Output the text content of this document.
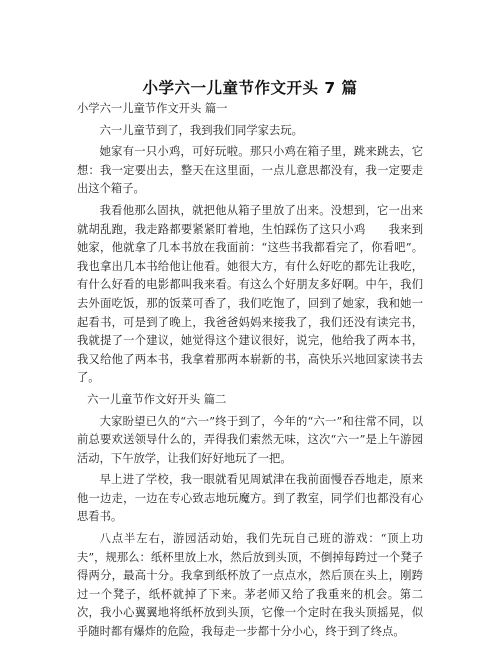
小学六一儿童节作文开头 7 篇

小学六一儿童节作文开头 篇一

六一儿童节到了，我到我们同学家去玩。

她家有一只小鸡，可好玩啦。那只小鸡在箱子里，跳来跳去，它想：我一定要出去，整天在这里面，一点儿意思都没有，我一定要走出这个箱子。

我看他那么固执，就把他从箱子里放了出来。没想到，它一出来就胡乱跑，我走路都要紧紧盯着地，生怕踩伤了这只小鸡　　我来到她家，他就拿了几本书放在我面前：“这些书我都看完了，你看吧”。我也拿出几本书给他让他看。她很大方，有什么好吃的都先让我吃，有什么好看的电影都叫我来看。有这么个好朋友多好啊。中午，我们去外面吃饭，那的饭菜可香了，我们吃饱了，回到了她家，我和她一起看书，可是到了晚上，我爸爸妈妈来接我了，我们还没有读完书，我就提了一个建议，她觉得这个建议很好，说完，他给我了两本书，我又给他了两本书，我拿着那两本崭新的书，高快乐兴地回家读书去了。

六一儿童节作文好开头 篇二

大家盼望已久的“六一”终于到了，今年的“六一”和往常不同，以前总要欢送领导什么的，弄得我们索然无味，这次“六一”是上午游园活动，下午放学，让我们好好地玩了一把。

早上进了学校，我一眼就看见周斌津在我前面慢吞吞地走，原来他一边走，一边在专心致志地玩魔方。到了教室，同学们也都没有心思看书。

八点半左右，游园活动始，我们先玩自己班的游戏：“顶上功夫”，规那么：纸杯里放上水，然后放到头顶，不倒掉每跨过一个凳子得两分，最高十分。我拿到纸杯放了一点点水，然后顶在头上，刚跨过一个凳子，纸杯就掉了下来。茅老师又给了我重来的机会。第二次，我小心翼翼地将纸杯放到头顶，它像一个定时在我头顶摇晃，似乎随时都有爆炸的危险，我每走一步都十分小心，终于到了终点。
